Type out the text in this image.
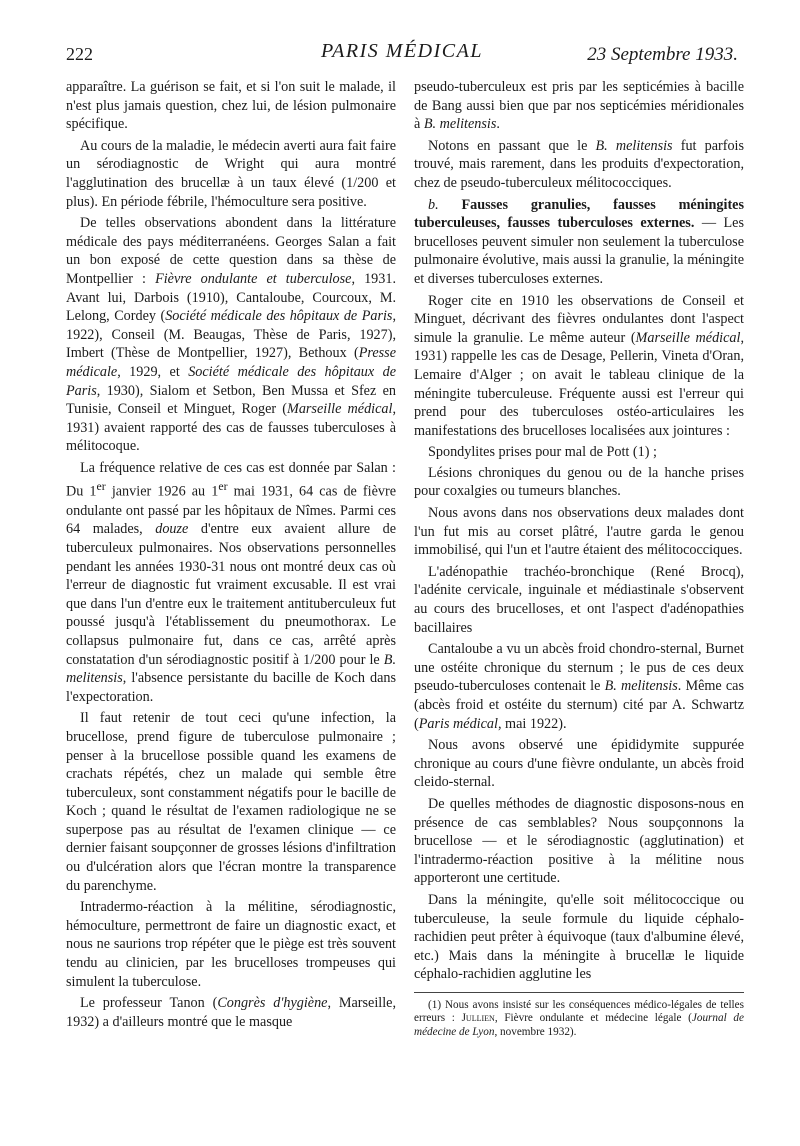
222	PARIS MÉDICAL	23 Septembre 1933.

apparaître. La guérison se fait, et si l'on suit le malade, il n'est plus jamais question, chez lui, de lésion pulmonaire spécifique.

Au cours de la maladie, le médecin averti aura fait faire un sérodiagnostic de Wright qui aura montré l'agglutination des brucellæ à un taux élevé (1/200 et plus). En période fébrile, l'hémoculture sera positive.

De telles observations abondent dans la littérature médicale des pays méditerranéens. Georges Salan a fait un bon exposé de cette question dans sa thèse de Montpellier : Fièvre ondulante et tuberculose, 1931. Avant lui, Darbois (1910), Cantaloube, Courcoux, M. Lelong, Cordey (Société médicale des hôpitaux de Paris, 1922), Conseil (M. Beaugas, Thèse de Paris, 1927), Imbert (Thèse de Montpellier, 1927), Bethoux (Presse médicale, 1929, et Société médicale des hôpitaux de Paris, 1930), Sialom et Setbon, Ben Mussa et Sfez en Tunisie, Conseil et Minguet, Roger (Marseille médical, 1931) avaient rapporté des cas de fausses tuberculoses à mélitocoque.

La fréquence relative de ces cas est donnée par Salan : Du 1er janvier 1926 au 1er mai 1931, 64 cas de fièvre ondulante ont passé par les hôpitaux de Nîmes. Parmi ces 64 malades, douze d'entre eux avaient allure de tuberculeux pulmonaires. Nos observations personnelles pendant les années 1930-31 nous ont montré deux cas où l'erreur de diagnostic fut vraiment excusable. Il est vrai que dans l'un d'entre eux le traitement antituberculeux fut poussé jusqu'à l'établissement du pneumothorax. Le collapsus pulmonaire fut, dans ce cas, arrêté après constatation d'un sérodiagnostic positif à 1/200 pour le B. melitensis, l'absence persistante du bacille de Koch dans l'expectoration.

Il faut retenir de tout ceci qu'une infection, la brucellose, prend figure de tuberculose pulmonaire ; penser à la brucellose possible quand les examens de crachats répétés, chez un malade qui semble être tuberculeux, sont constamment négatifs pour le bacille de Koch ; quand le résultat de l'examen radiologique ne se superpose pas au résultat de l'examen clinique — ce dernier faisant soupçonner de grosses lésions d'infiltration ou d'ulcération alors que l'écran montre la transparence du parenchyme.

Intradermo-réaction à la mélitine, sérodiagnostic, hémoculture, permettront de faire un diagnostic exact, et nous ne saurions trop répéter que le piège est très souvent tendu au clinicien, par les brucelloses trompeuses qui simulent la tuberculose.

Le professeur Tanon (Congrès d'hygiène, Marseille, 1932) a d'ailleurs montré que le masque

pseudo-tuberculeux est pris par les septicémies à bacille de Bang aussi bien que par nos septicémies méridionales à B. melitensis.

Notons en passant que le B. melitensis fut parfois trouvé, mais rarement, dans les produits d'expectoration, chez de pseudo-tuberculeux mélitococciques.

b. Fausses granulies, fausses méningites tuberculeuses, fausses tuberculoses externes. — Les brucelloses peuvent simuler non seulement la tuberculose pulmonaire évolutive, mais aussi la granulie, la méningite et diverses tuberculoses externes.

Roger cite en 1910 les observations de Conseil et Minguet, décrivant des fièvres ondulantes dont l'aspect simule la granulie. Le même auteur (Marseille médical, 1931) rappelle les cas de Desage, Pellerin, Vineta d'Oran, Lemaire d'Alger ; on avait le tableau clinique de la méningite tuberculeuse. Fréquente aussi est l'erreur qui prend pour des tuberculoses ostéo-articulaires les manifestations des brucelloses localisées aux jointures :

Spondylites prises pour mal de Pott (1) ;

Lésions chroniques du genou ou de la hanche prises pour coxalgies ou tumeurs blanches.

Nous avons dans nos observations deux malades dont l'un fut mis au corset plâtré, l'autre garda le genou immobilisé, qui l'un et l'autre étaient des mélitococciques.

L'adénopathie trachéo-bronchique (René Brocq), l'adénite cervicale, inguinale et médiastinale s'observent au cours des brucelloses, et ont l'aspect d'adénopathies bacillaires

Cantaloube a vu un abcès froid chondro-sternal, Burnet une ostéite chronique du sternum ; le pus de ces deux pseudo-tuberculoses contenait le B. melitensis. Même cas (abcès froid et ostéite du sternum) cité par A. Schwartz (Paris médical, mai 1922).

Nous avons observé une épididymite suppurée chronique au cours d'une fièvre ondulante, un abcès froid cleido-sternal.

De quelles méthodes de diagnostic disposons-nous en présence de cas semblables? Nous soupçonnons la brucellose — et le sérodiagnostic (agglutination) et l'intradermo-réaction positive à la mélitine nous apporteront une certitude.

Dans la méningite, qu'elle soit mélitococcique ou tuberculeuse, la seule formule du liquide céphalo-rachidien peut prêter à équivoque (taux d'albumine élevé, etc.) Mais dans la méningite à brucellæ le liquide céphalo-rachidien agglutine les

(1) Nous avons insisté sur les conséquences médico-légales de telles erreurs : Jullien, Fièvre ondulante et médecine légale (Journal de médecine de Lyon, novembre 1932).
